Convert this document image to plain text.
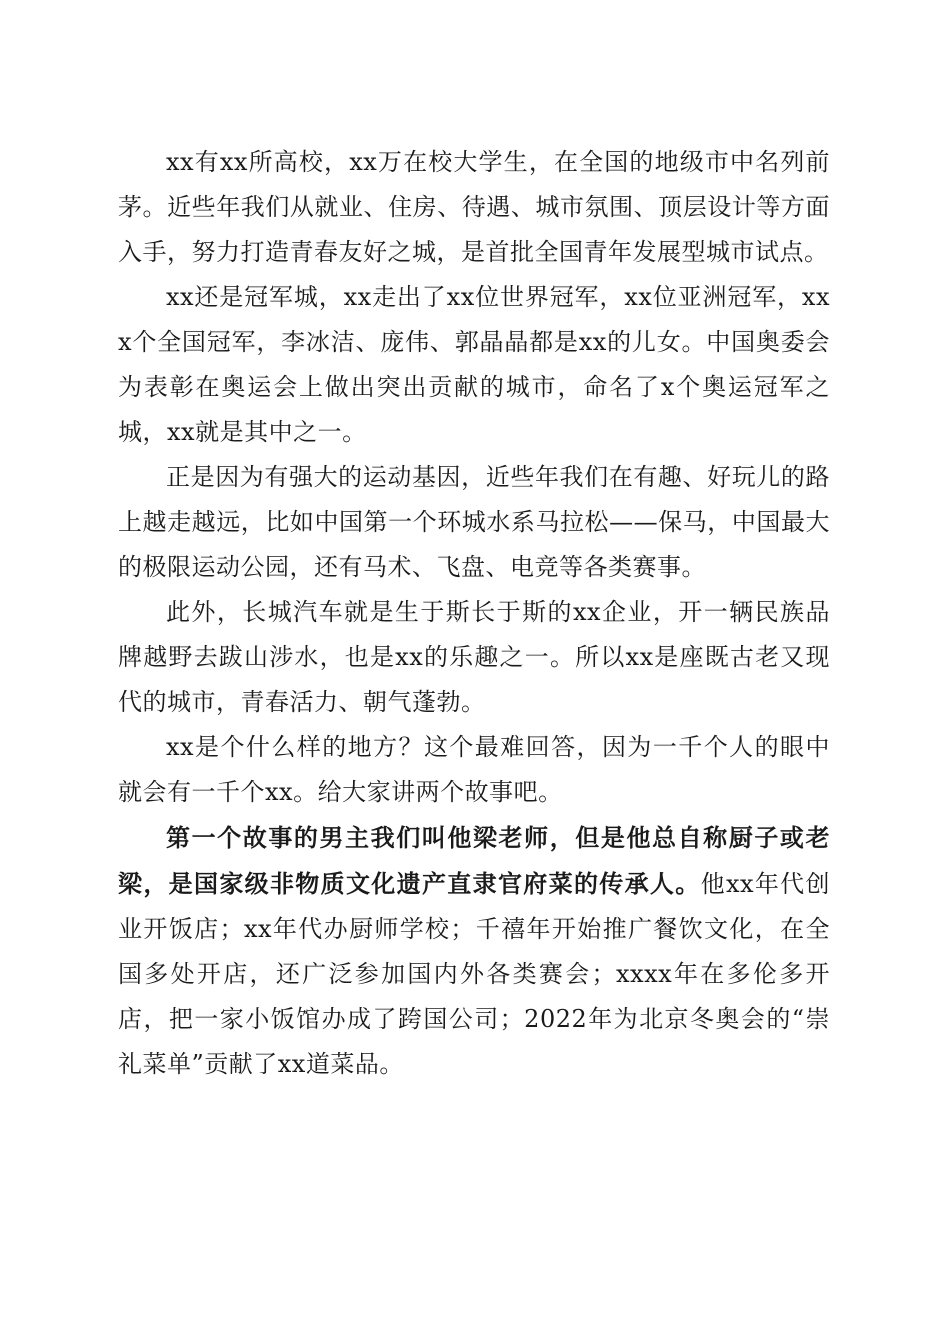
xx有xx所高校，xx万在校大学生，在全国的地级市中名列前茅。近些年我们从就业、住房、待遇、城市氛围、顶层设计等方面入手，努力打造青春友好之城，是首批全国青年发展型城市试点。

xx还是冠军城，xx走出了xx位世界冠军，xx位亚洲冠军，xxx个全国冠军，李冰洁、庞伟、郭晶晶都是xx的儿女。中国奥委会为表彰在奥运会上做出突出贡献的城市，命名了x个奥运冠军之城，xx就是其中之一。

正是因为有强大的运动基因，近些年我们在有趣、好玩儿的路上越走越远，比如中国第一个环城水系马拉松——保马，中国最大的极限运动公园，还有马术、飞盘、电竞等各类赛事。

此外，长城汽车就是生于斯长于斯的xx企业，开一辆民族品牌越野去跋山涉水，也是xx的乐趣之一。所以xx是座既古老又现代的城市，青春活力、朝气蓬勃。

xx是个什么样的地方？这个最难回答，因为一千个人的眼中就会有一千个xx。给大家讲两个故事吧。

第一个故事的男主我们叫他梁老师，但是他总自称厨子或老梁，是国家级非物质文化遗产直隶官府菜的传承人。他xx年代创业开饭店；xx年代办厨师学校；千禧年开始推广餐饮文化，在全国多处开店，还广泛参加国内外各类赛会；xxxx年在多伦多开店，把一家小饭馆办成了跨国公司；2022年为北京冬奥会的“崇礼菜单”贡献了xx道菜品。
